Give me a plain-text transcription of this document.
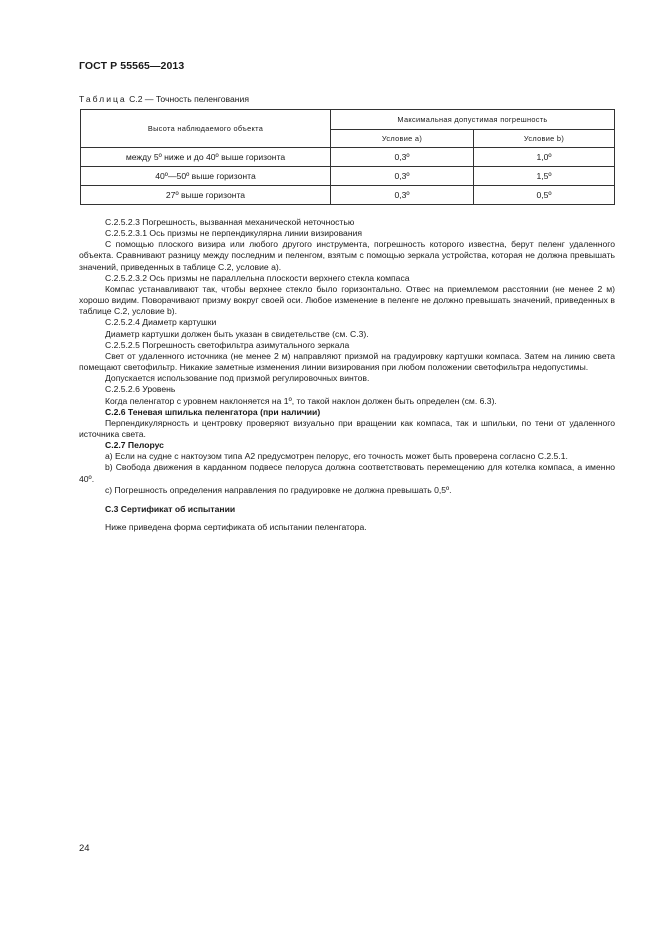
ГОСТ Р 55565—2013
Таблица С.2 — Точность пеленгования
Высота наблюдаемого объекта	Максимальная допустимая погрешность	
	Условие а)	Условие b)
между 5º ниже и до 40º выше горизонта	0,3º	1,0º
40º—50º выше горизонта	0,3º	1,5º
27º выше горизонта	0,3º	0,5º

С.2.5.2.3 Погрешность, вызванная механической неточностью

С.2.5.2.3.1 Ось призмы не перпендикулярна линии визирования

С помощью плоского визира или любого другого инструмента, погрешность которого известна, берут пеленг удаленного объекта. Сравнивают разницу между последним и пеленгом, взятым с помощью зеркала устройства, которая не должна превышать значений, приведенных в таблице С.2, условие а).

С.2.5.2.3.2 Ось призмы не параллельна плоскости верхнего стекла компаса

Компас устанавливают так, чтобы верхнее стекло было горизонтально. Отвес на приемлемом расстоянии (не менее 2 м) хорошо видим. Поворачивают призму вокруг своей оси. Любое изменение в пеленге не должно превышать значений, приведенных в таблице С.2, условие b).

С.2.5.2.4 Диаметр картушки

Диаметр картушки должен быть указан в свидетельстве (см. С.3).

С.2.5.2.5 Погрешность светофильтра азимутального зеркала

Свет от удаленного источника (не менее 2 м) направляют призмой на градуировку картушки компаса. Затем на линию света помещают светофильтр. Никакие заметные изменения линии визирования при любом положении светофильтра недопустимы.

Допускается использование под призмой регулировочных винтов.

С.2.5.2.6 Уровень

Когда пеленгатор с уровнем наклоняется на 1º, то такой наклон должен быть определен (см. 6.3).

С.2.6 Теневая шпилька пеленгатора (при наличии)

Перпендикулярность и центровку проверяют визуально при вращении как компаса, так и шпильки, по тени от удаленного источника света.

С.2.7 Пелорус

а) Если на судне с нактоузом типа А2 предусмотрен пелорус, его точность может быть проверена согласно С.2.5.1.

b) Свобода движения в карданном подвесе пелоруса должна соответствовать перемещению для котелка компаса, а именно 40º.

c) Погрешность определения направления по градуировке не должна превышать 0,5º.

С.3 Сертификат об испытании

Ниже приведена форма сертификата об испытании пеленгатора.

24
